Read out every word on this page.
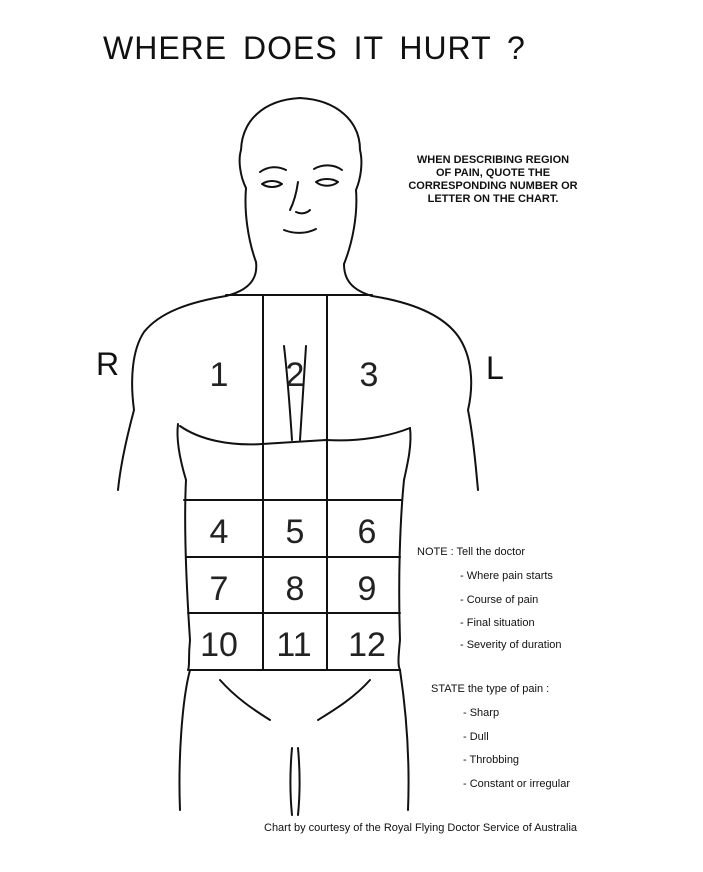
WHERE DOES IT HURT ?
WHEN DESCRIBING REGION OF PAIN, QUOTE THE CORRESPONDING NUMBER OR LETTER ON THE CHART.
R	L
1 2 3
4 5 6
7 8 9
10 11 12
NOTE : Tell the doctor
- Where pain starts
- Course of pain
- Final situation
- Severity of duration
STATE the type of pain :
- Sharp
- Dull
- Throbbing
- Constant or irregular
Chart by courtesy of the Royal Flying Doctor Service of Australia
